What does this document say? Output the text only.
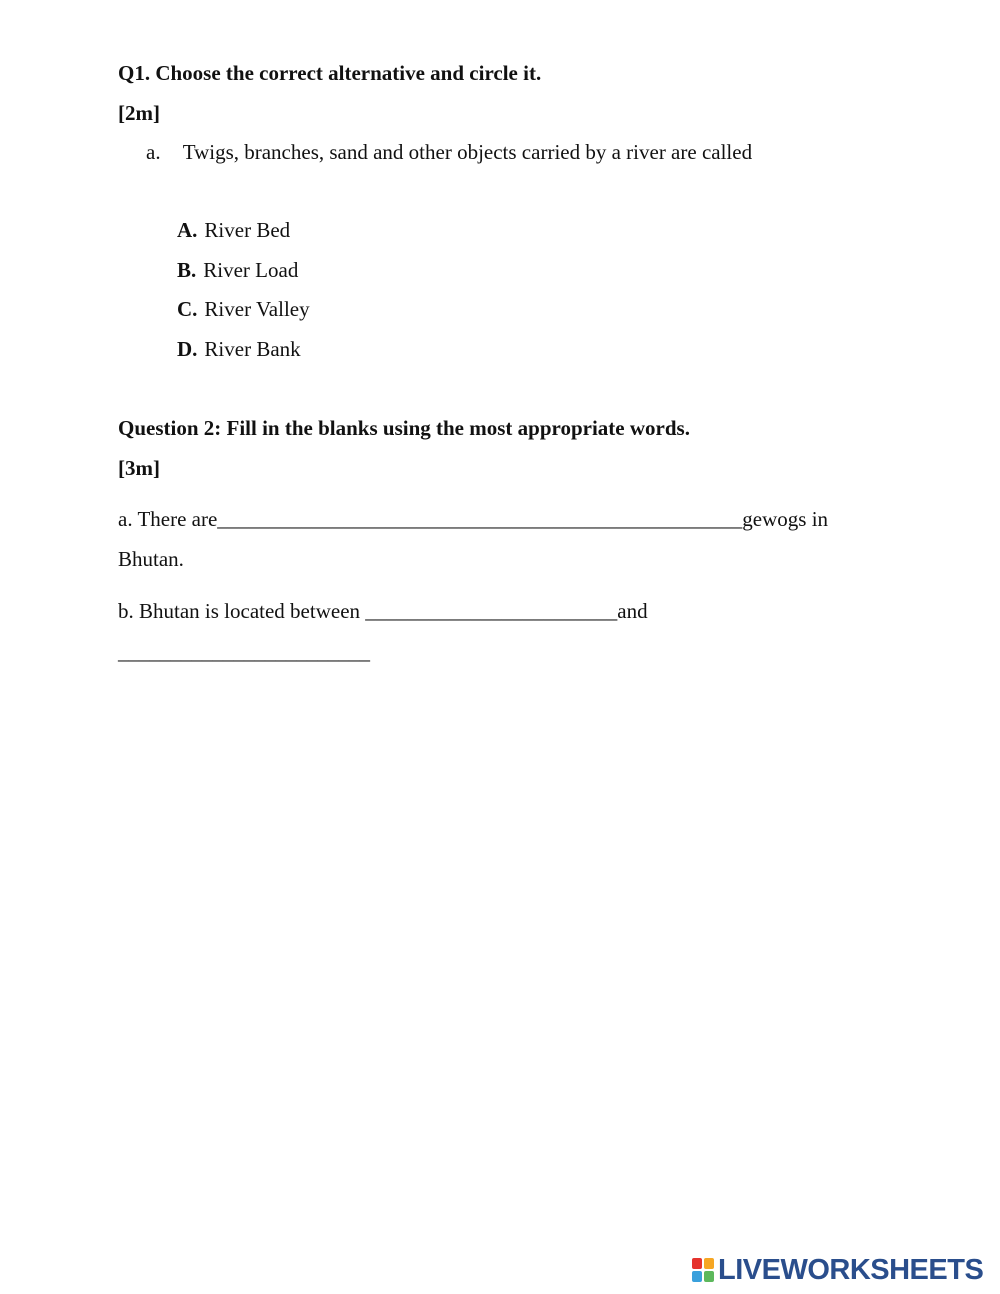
Q1. Choose the correct alternative and circle it.
[2m]
a. Twigs, branches, sand and other objects carried by a river are called
A. River Bed
B. River Load
C. River Valley
D. River Bank
Question 2: Fill in the blanks using the most appropriate words.
[3m]
a. There are__________________________________________________gewogs in
Bhutan.
b. Bhutan is located between ________________________and
________________________
LIVEWORKSHEETS
